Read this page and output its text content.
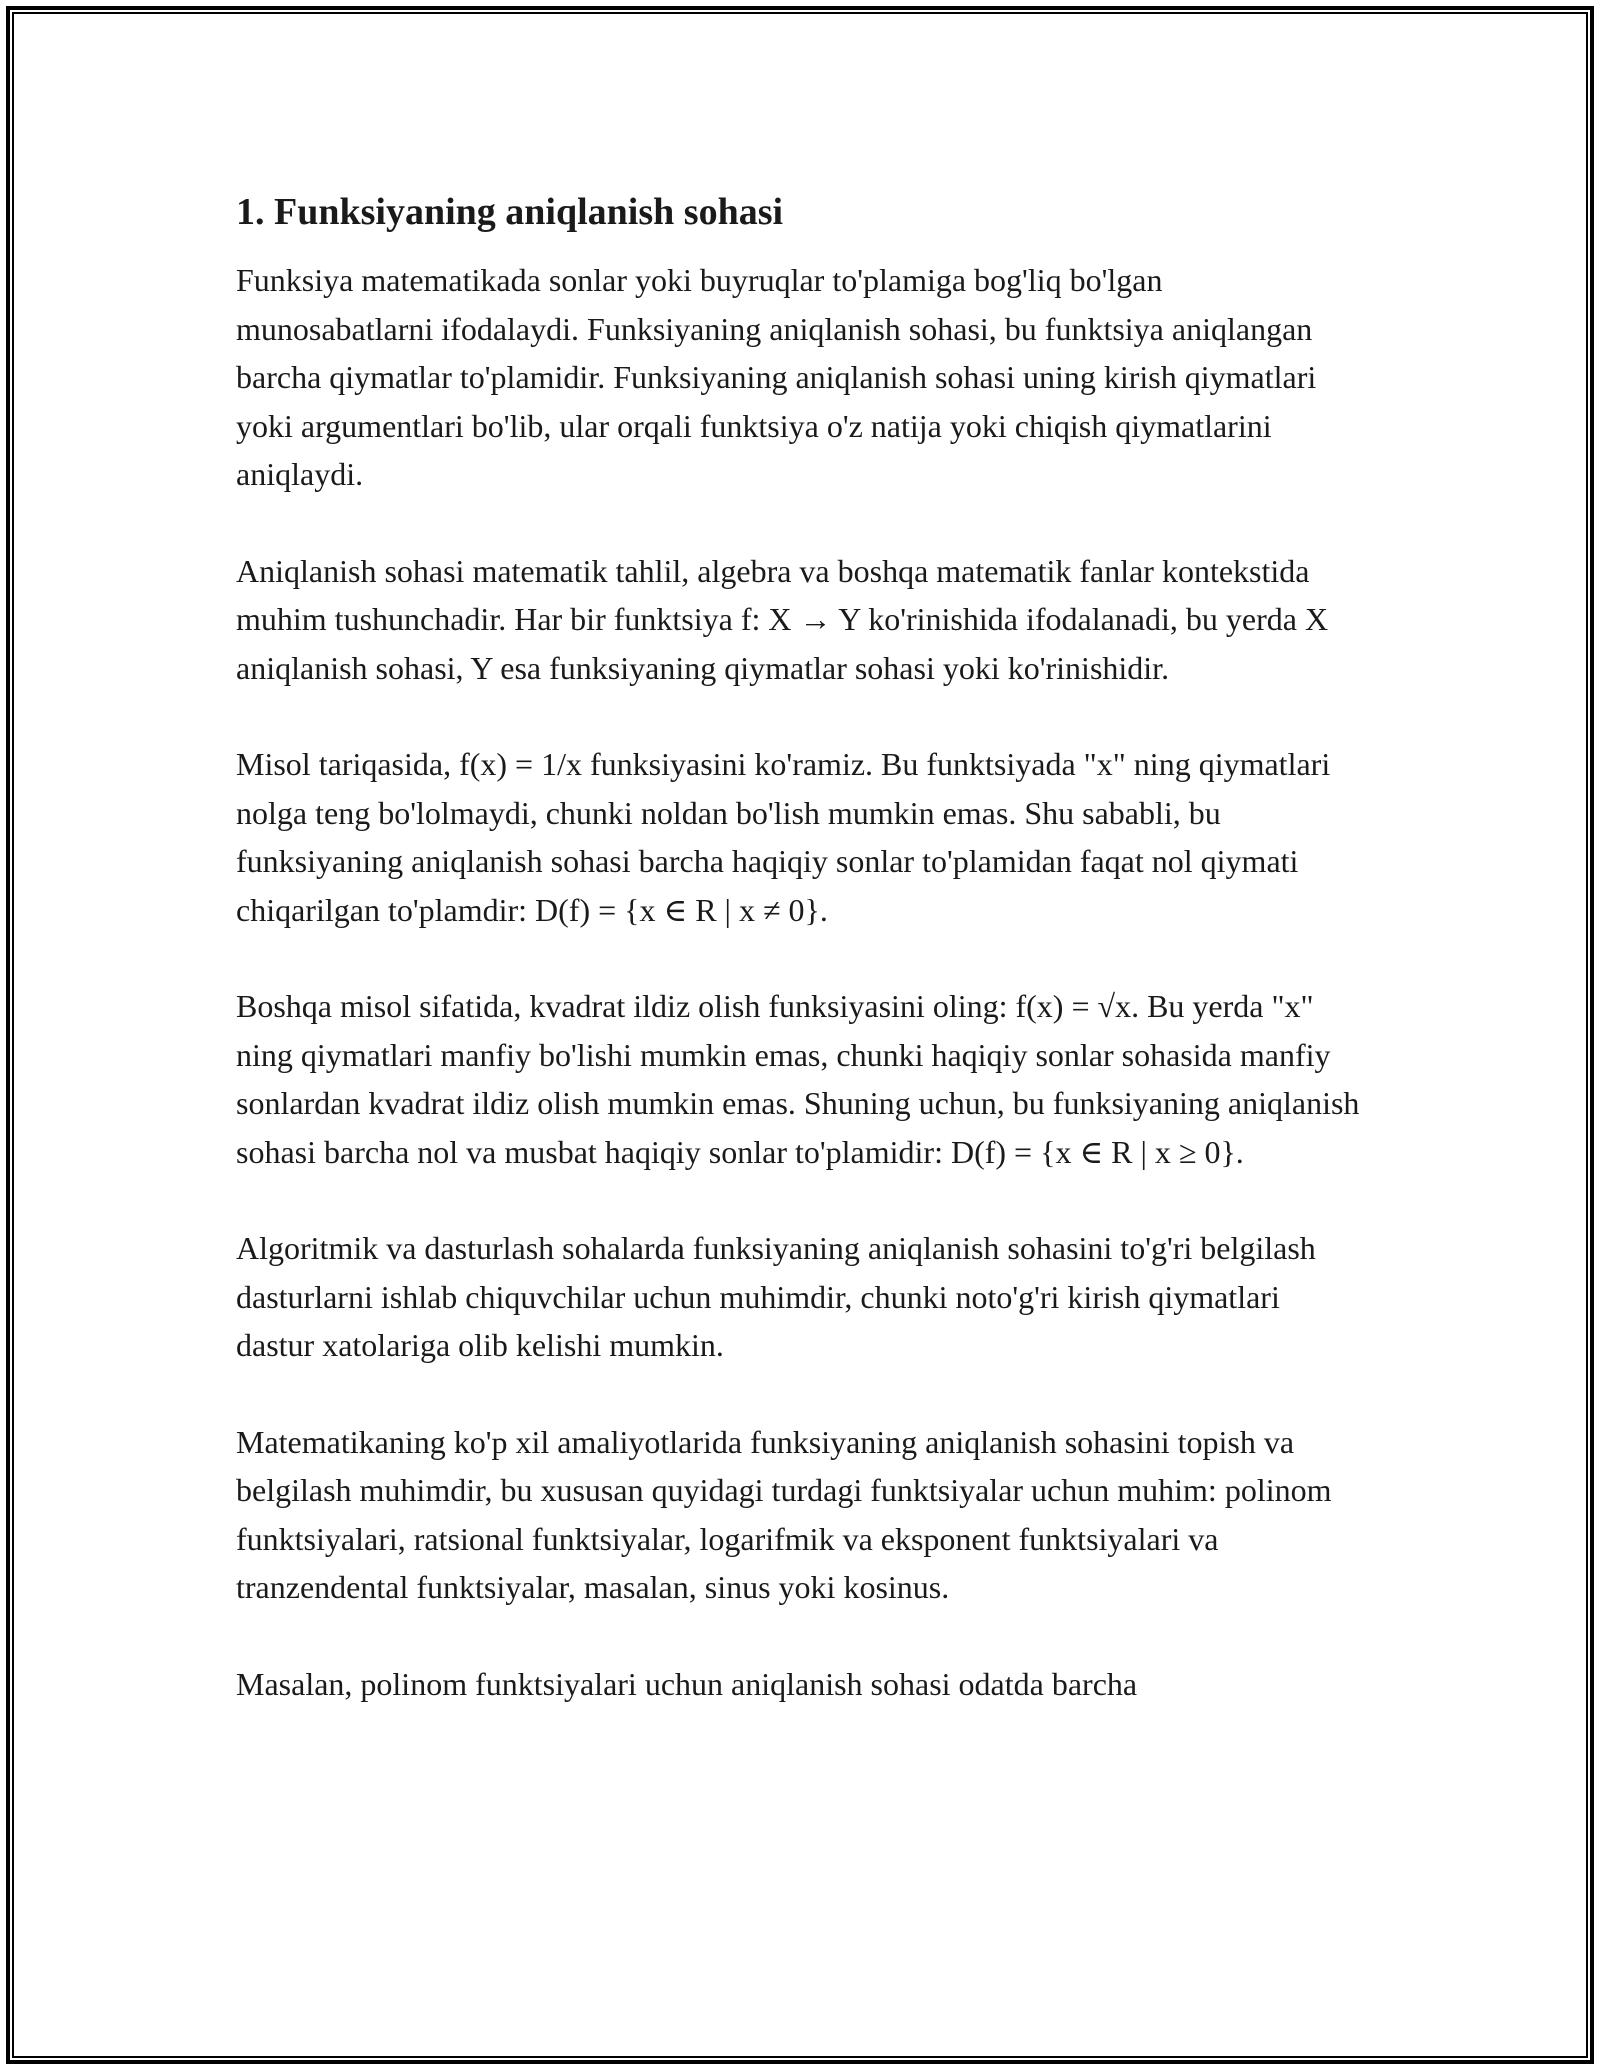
1. Funksiyaning aniqlanish sohasi

Funksiya matematikada sonlar yoki buyruqlar to'plamiga bog'liq bo'lgan munosabatlarni ifodalaydi. Funksiyaning aniqlanish sohasi, bu funktsiya aniqlangan barcha qiymatlar to'plamidir. Funksiyaning aniqlanish sohasi uning kirish qiymatlari yoki argumentlari bo'lib, ular orqali funktsiya o'z natija yoki chiqish qiymatlarini aniqlaydi.

Aniqlanish sohasi matematik tahlil, algebra va boshqa matematik fanlar kontekstida muhim tushunchadir. Har bir funktsiya f: X → Y ko'rinishida ifodalanadi, bu yerda X aniqlanish sohasi, Y esa funksiyaning qiymatlar sohasi yoki ko'rinishidir.

Misol tariqasida, f(x) = 1/x funksiyasini ko'ramiz. Bu funktsiyada "x" ning qiymatlari nolga teng bo'lolmaydi, chunki noldan bo'lish mumkin emas. Shu sababli, bu funksiyaning aniqlanish sohasi barcha haqiqiy sonlar to'plamidan faqat nol qiymati chiqarilgan to'plamdir: D(f) = {x ∈ R | x ≠ 0}.

Boshqa misol sifatida, kvadrat ildiz olish funksiyasini oling: f(x) = √x. Bu yerda "x" ning qiymatlari manfiy bo'lishi mumkin emas, chunki haqiqiy sonlar sohasida manfiy sonlardan kvadrat ildiz olish mumkin emas. Shuning uchun, bu funksiyaning aniqlanish sohasi barcha nol va musbat haqiqiy sonlar to'plamidir: D(f) = {x ∈ R | x ≥ 0}.

Algoritmik va dasturlash sohalarda funksiyaning aniqlanish sohasini to'g'ri belgilash dasturlarni ishlab chiquvchilar uchun muhimdir, chunki noto'g'ri kirish qiymatlari dastur xatolariga olib kelishi mumkin.

Matematikaning ko'p xil amaliyotlarida funksiyaning aniqlanish sohasini topish va belgilash muhimdir, bu xususan quyidagi turdagi funktsiyalar uchun muhim: polinom funktsiyalari, ratsional funktsiyalar, logarifmik va eksponent funktsiyalari va tranzendental funktsiyalar, masalan, sinus yoki kosinus.

Masalan, polinom funktsiyalari uchun aniqlanish sohasi odatda barcha
